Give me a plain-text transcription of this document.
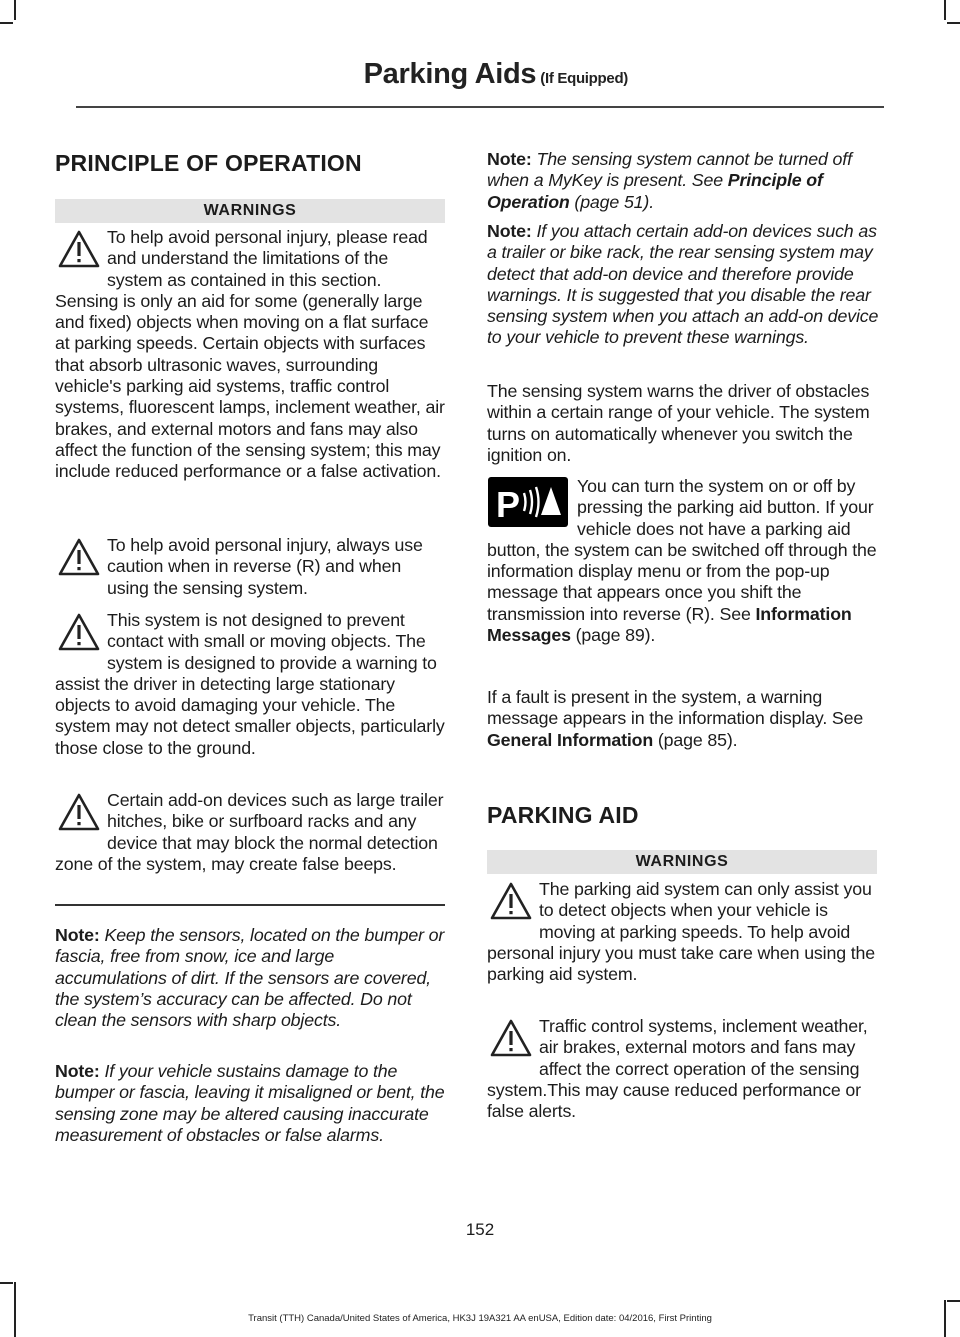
Parking Aids (If Equipped)
PRINCIPLE OF OPERATION
WARNINGS
To help avoid personal injury, please read and understand the limitations of the system as contained in this section. Sensing is only an aid for some (generally large and fixed) objects when moving on a flat surface at parking speeds. Certain objects with surfaces that absorb ultrasonic waves, surrounding vehicle's parking aid systems, traffic control systems, fluorescent lamps, inclement weather, air brakes, and external motors and fans may also affect the function of the sensing system; this may include reduced performance or a false activation.
To help avoid personal injury, always use caution when in reverse (R) and when using the sensing system.
This system is not designed to prevent contact with small or moving objects. The system is designed to provide a warning to assist the driver in detecting large stationary objects to avoid damaging your vehicle. The system may not detect smaller objects, particularly those close to the ground.
Certain add-on devices such as large trailer hitches, bike or surfboard racks and any device that may block the normal detection zone of the system, may create false beeps.
Note: Keep the sensors, located on the bumper or fascia, free from snow, ice and large accumulations of dirt. If the sensors are covered, the system’s accuracy can be affected. Do not clean the sensors with sharp objects.
Note: If your vehicle sustains damage to the bumper or fascia, leaving it misaligned or bent, the sensing zone may be altered causing inaccurate measurement of obstacles or false alarms.
Note: The sensing system cannot be turned off when a MyKey is present. See Principle of Operation (page 51).
Note: If you attach certain add-on devices such as a trailer or bike rack, the rear sensing system may detect that add-on device and therefore provide warnings. It is suggested that you disable the rear sensing system when you attach an add-on device to your vehicle to prevent these warnings.
The sensing system warns the driver of obstacles within a certain range of your vehicle. The system turns on automatically whenever you switch the ignition on.
P	You can turn the system on or off by pressing the parking aid button. If your vehicle does not have a parking aid button, the system can be switched off through the information display menu or from the pop-up message that appears once you shift the transmission into reverse (R). See Information Messages (page 89).
If a fault is present in the system, a warning message appears in the information display. See General Information (page 85).
PARKING AID
WARNINGS
The parking aid system can only assist you to detect objects when your vehicle is moving at parking speeds. To help avoid personal injury you must take care when using the parking aid system.
Traffic control systems, inclement weather, air brakes, external motors and fans may affect the correct operation of the sensing system.This may cause reduced performance or false alerts.
152
Transit (TTH) Canada/United States of America, HK3J 19A321 AA enUSA, Edition date: 04/2016, First Printing
